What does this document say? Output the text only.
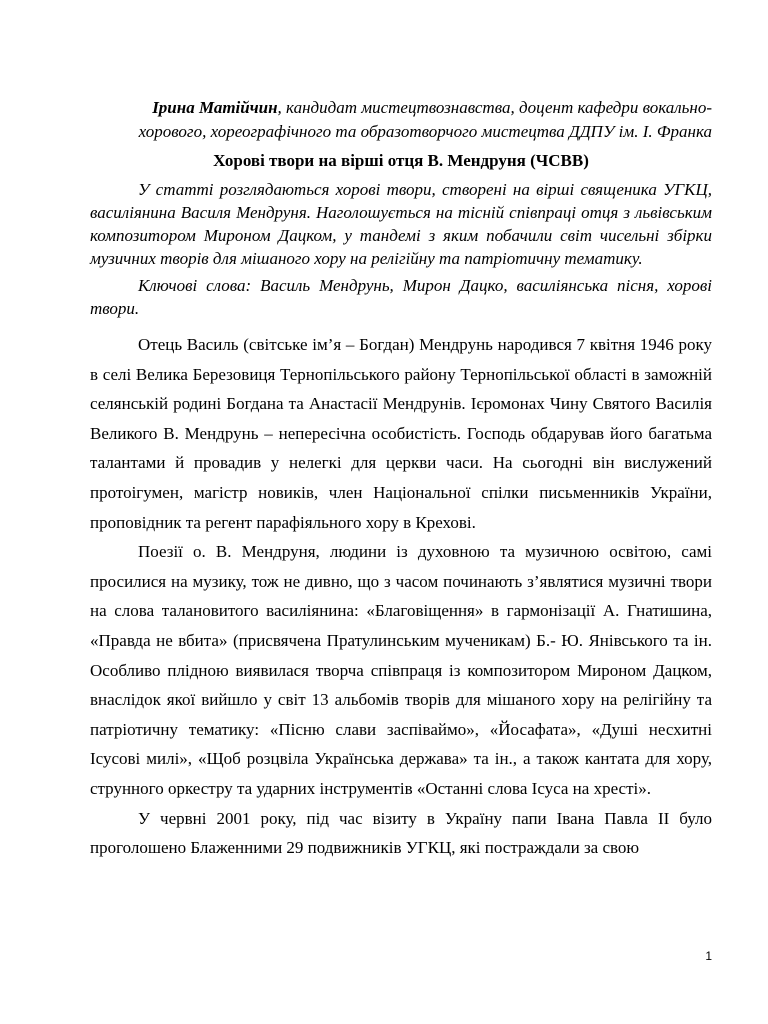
Ірина Матійчин, кандидат мистецтвознавства, доцент кафедри вокально-хорового, хореографічного та образотворчого мистецтва ДДПУ ім. І. Франка

Хорові твори на вірші отця В. Мендруня (ЧСВВ)

У статті розглядаються хорові твори, створені на вірші священика УГКЦ, василіянина Василя Мендруня. Наголошується на тісній співпраці отця з львівським композитором Мироном Дацком, у тандемі з яким побачили світ чисельні збірки музичних творів для мішаного хору на релігійну та патріотичну тематику.

Ключові слова: Василь Мендрунь, Мирон Дацко, василіянська пісня, хорові твори.

Отець Василь (світське ім’я – Богдан) Мендрунь народився 7 квітня 1946 року в селі Велика Березовиця Тернопільського району Тернопільської області в заможній селянській родині Богдана та Анастасії Мендрунів. Ієромонах Чину Святого Василія Великого В. Мендрунь – непересічна особистість. Господь обдарував його багатьма талантами й провадив у нелегкі для церкви часи. На сьогодні він вислужений протоігумен, магістр новиків, член Національної спілки письменників України, проповідник та регент парафіяльного хору в Крехові.

Поезії о. В. Мендруня, людини із духовною та музичною освітою, самі просилися на музику, тож не дивно, що з часом починають з’являтися музичні твори на слова талановитого василіянина: «Благовіщення» в гармонізації А. Гнатишина, «Правда не вбита» (присвячена Пратулинським мученикам) Б.- Ю. Янівського та ін. Особливо плідною виявилася творча співпраця із композитором Мироном Дацком, внаслідок якої вийшло у світ 13 альбомів творів для мішаного хору на релігійну та патріотичну тематику: «Пісню слави заспіваймо», «Йосафата», «Душі несхитні Ісусові милі», «Щоб розцвіла Українська держава» та ін., а також кантата для хору, струнного оркестру та ударних інструментів «Останні слова Ісуса на хресті».

У червні 2001 року, під час візиту в Україну папи Івана Павла ІІ було проголошено Блаженними 29 подвижників УГКЦ, які постраждали за свою

1
